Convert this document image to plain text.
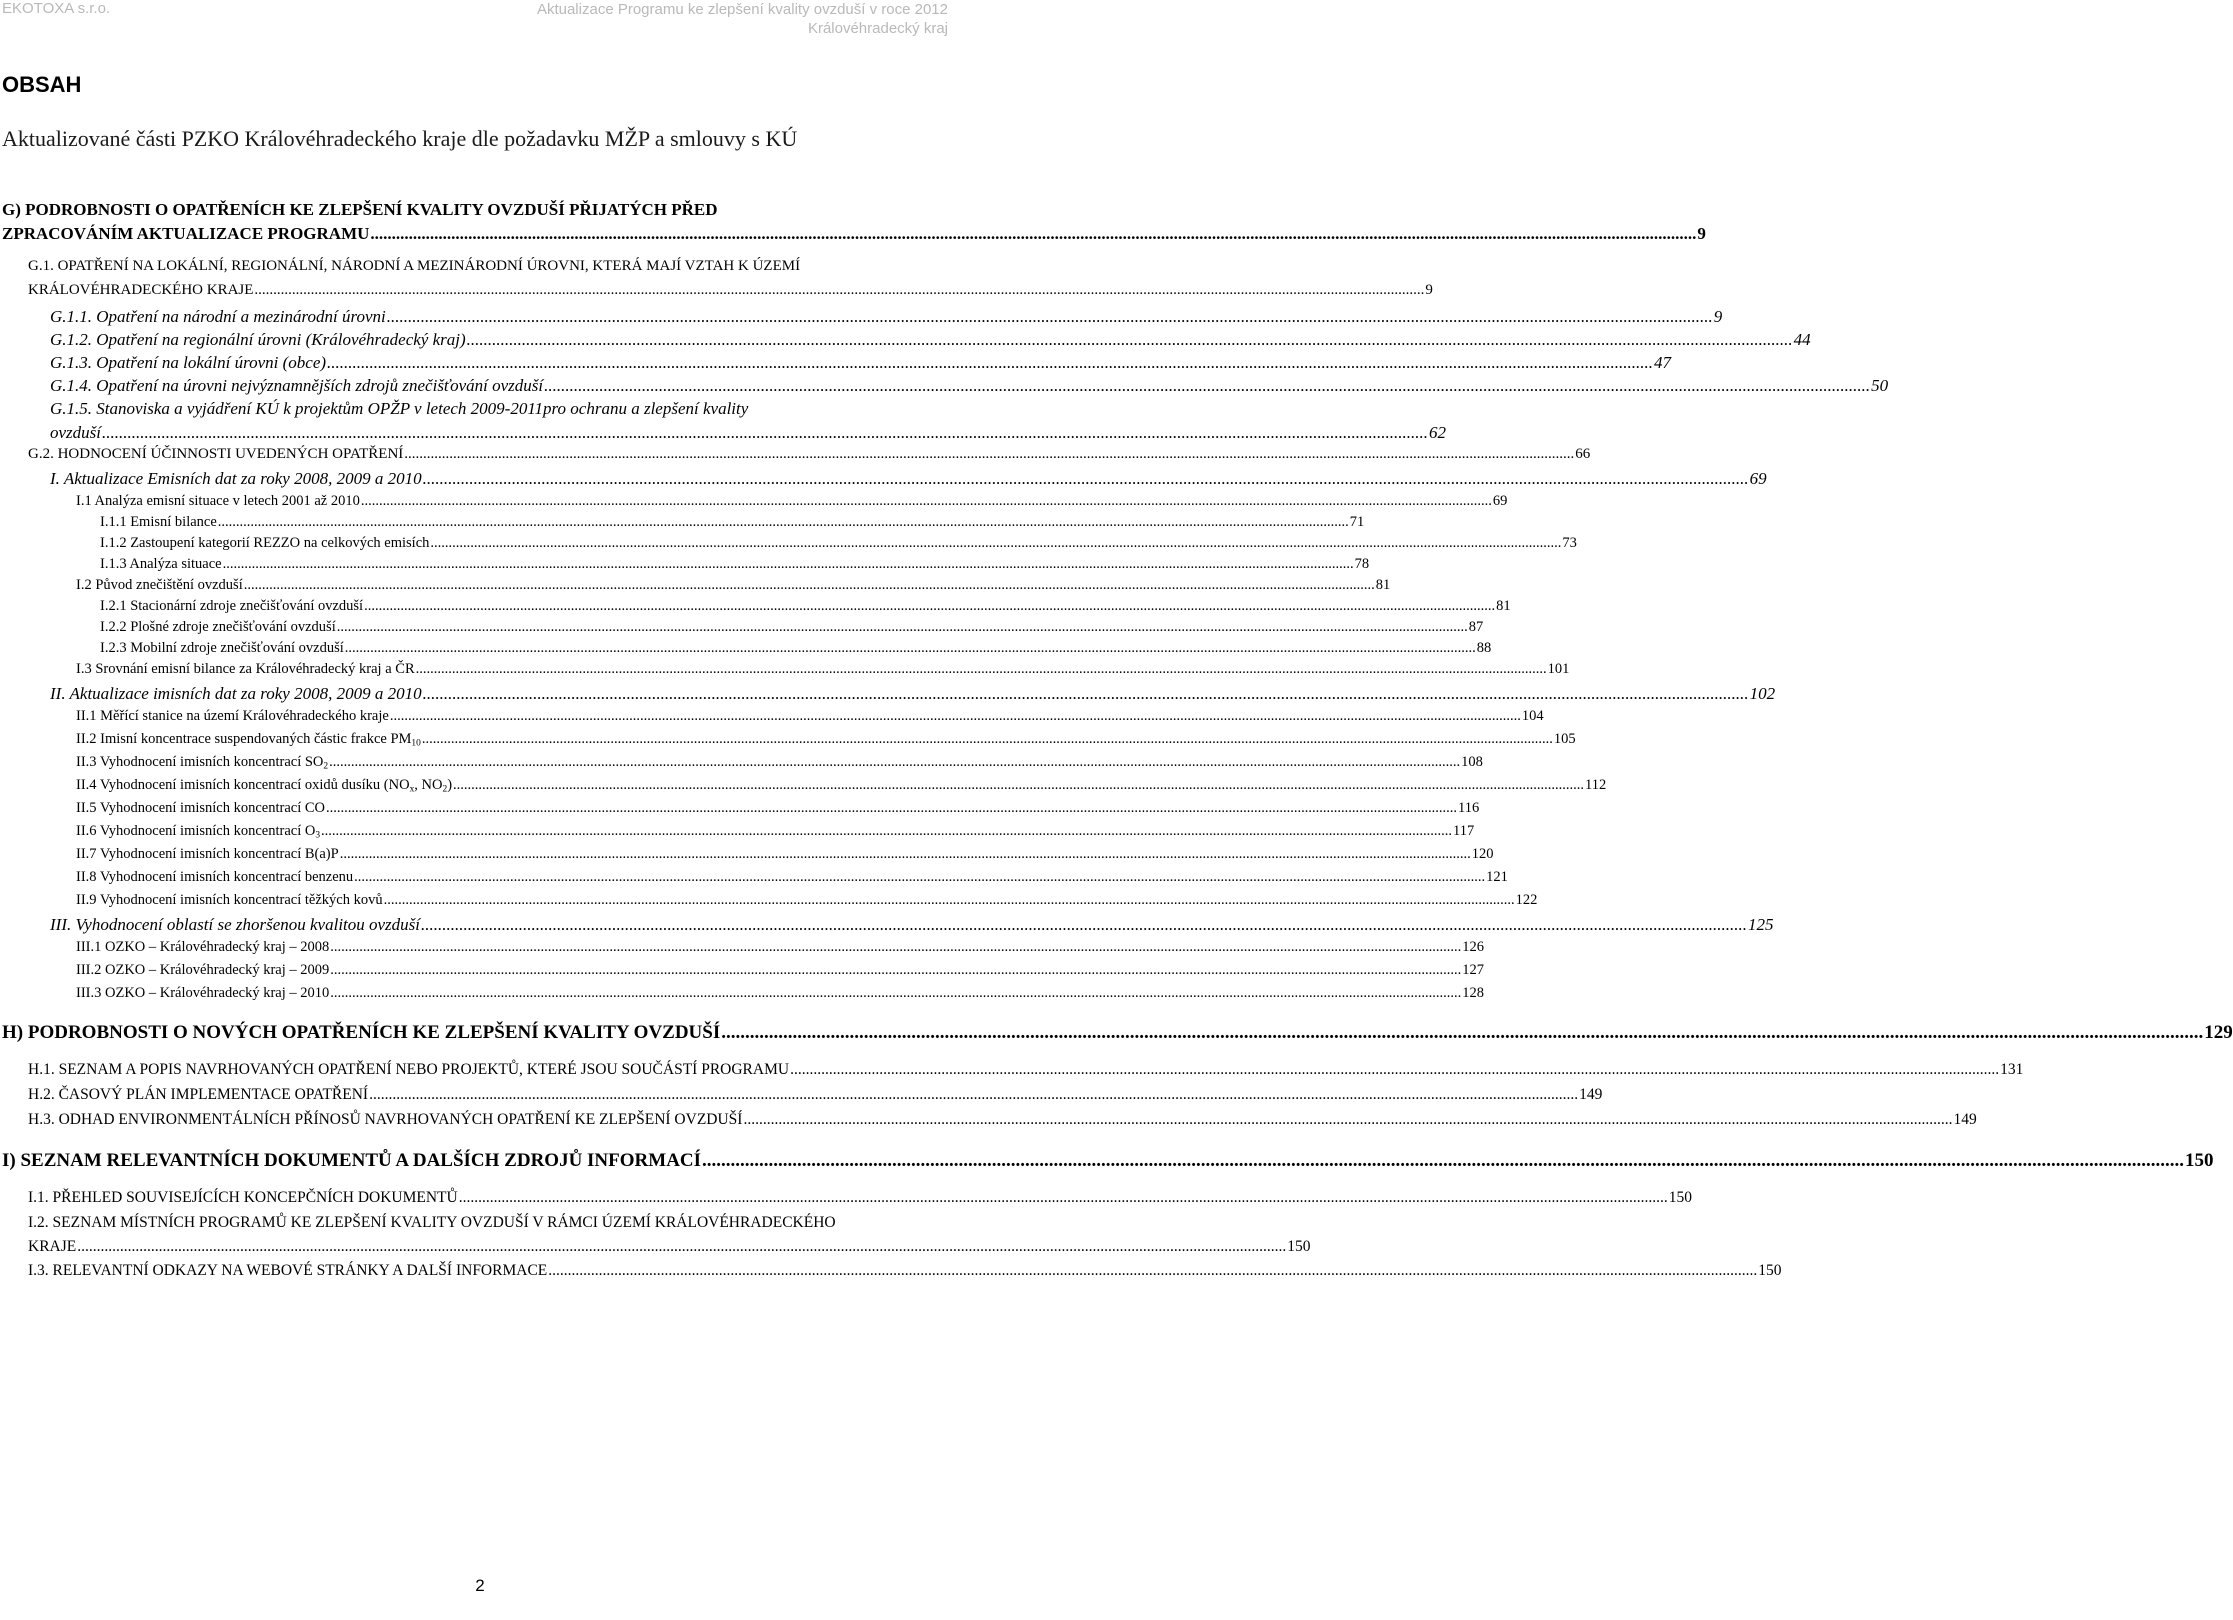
EKOTOXA s.r.o.	Aktualizace Programu ke zlepšení kvality ovzduší v roce 2012
Královéhradecký kraj
OBSAH
Aktualizované části PZKO Královéhradeckého kraje dle požadavku MŽP a smlouvy s KÚ
G) PODROBNOSTI O OPATŘENÍCH KE ZLEPŠENÍ KVALITY OVZDUŠÍ PŘIJATÝCH PŘED
ZPRACOVÁNÍM AKTUALIZACE PROGRAMU .....	9
G.1. OPATŘENÍ NA LOKÁLNÍ, REGIONÁLNÍ, NÁRODNÍ A MEZINÁRODNÍ ÚROVNI, KTERÁ MAJÍ VZTAH K ÚZEMÍ
KRÁLOVÉHRADECKÉHO KRAJE .....	9
G.1.1. Opatření na národní a mezinárodní úrovni .....	9
G.1.2. Opatření na regionální úrovni (Královéhradecký kraj) .....	44
G.1.3. Opatření na lokální úrovni (obce) .....	47
G.1.4. Opatření na úrovni nejvýznamnějších zdrojů znečišťování ovzduší .....	50
G.1.5. Stanoviska a vyjádření KÚ k projektům OPŽP v letech 2009-2011pro ochranu a zlepšení kvality
ovzduší .....	62
G.2. HODNOCENÍ ÚČINNOSTI UVEDENÝCH OPATŘENÍ .....	66
I. Aktualizace Emisních dat za roky 2008, 2009 a 2010 .....	69
I.1 Analýza emisní situace v letech 2001 až 2010 .....	69
I.1.1 Emisní bilance .....	71
I.1.2 Zastoupení kategorií REZZO na celkových emisích .....	73
I.1.3 Analýza situace .....	78
I.2 Původ znečištění ovzduší .....	81
I.2.1 Stacionární zdroje znečišťování ovzduší .....	81
I.2.2 Plošné zdroje znečišťování ovzduší .....	87
I.2.3 Mobilní zdroje znečišťování ovzduší .....	88
I.3 Srovnání emisní bilance za Královéhradecký kraj a ČR .....	101
II. Aktualizace imisních dat za roky 2008, 2009 a 2010 .....	102
II.1 Měřící stanice na území Královéhradeckého kraje .....	104
II.2 Imisní koncentrace suspendovaných částic frakce $PM_{10}$ .....	105
II.3 Vyhodnocení imisních koncentrací $SO_2$ .....	108
II.4 Vyhodnocení imisních koncentrací oxidů dusíku ($NO_x$, $NO_2$) .....	112
II.5 Vyhodnocení imisních koncentrací CO .....	116
II.6 Vyhodnocení imisních koncentrací $O_3$ .....	117
II.7 Vyhodnocení imisních koncentrací B(a)P .....	120
II.8 Vyhodnocení imisních koncentrací benzenu .....	121
II.9 Vyhodnocení imisních koncentrací těžkých kovů .....	122
III. Vyhodnocení oblastí se zhoršenou kvalitou ovzduší .....	125
III.1 OZKO – Královéhradecký kraj – 2008 .....	126
III.2 OZKO – Královéhradecký kraj – 2009 .....	127
III.3 OZKO – Královéhradecký kraj – 2010 .....	128
H) PODROBNOSTI O NOVÝCH OPATŘENÍCH KE ZLEPŠENÍ KVALITY OVZDUŠÍ .....	129
H.1. SEZNAM A POPIS NAVRHOVANÝCH OPATŘENÍ NEBO PROJEKTŮ, KTERÉ JSOU SOUČÁSTÍ PROGRAMU .....	131
H.2. ČASOVÝ PLÁN IMPLEMENTACE OPATŘENÍ .....	149
H.3. ODHAD ENVIRONMENTÁLNÍCH PŘÍNOSŮ NAVRHOVANÝCH OPATŘENÍ KE ZLEPŠENÍ OVZDUŠÍ .....	149
I) SEZNAM RELEVANTNÍCH DOKUMENTŮ A DALŠÍCH ZDROJŮ INFORMACÍ .....	150
I.1. PŘEHLED SOUVISEJÍCÍCH KONCEPČNÍCH DOKUMENTŮ .....	150
I.2. SEZNAM MÍSTNÍCH PROGRAMŮ KE ZLEPŠENÍ KVALITY OVZDUŠÍ V RÁMCI ÚZEMÍ KRÁLOVÉHRADECKÉHO
KRAJE .....	150
I.3. RELEVANTNÍ ODKAZY NA WEBOVÉ STRÁNKY A DALŠÍ INFORMACE .....	150
2
